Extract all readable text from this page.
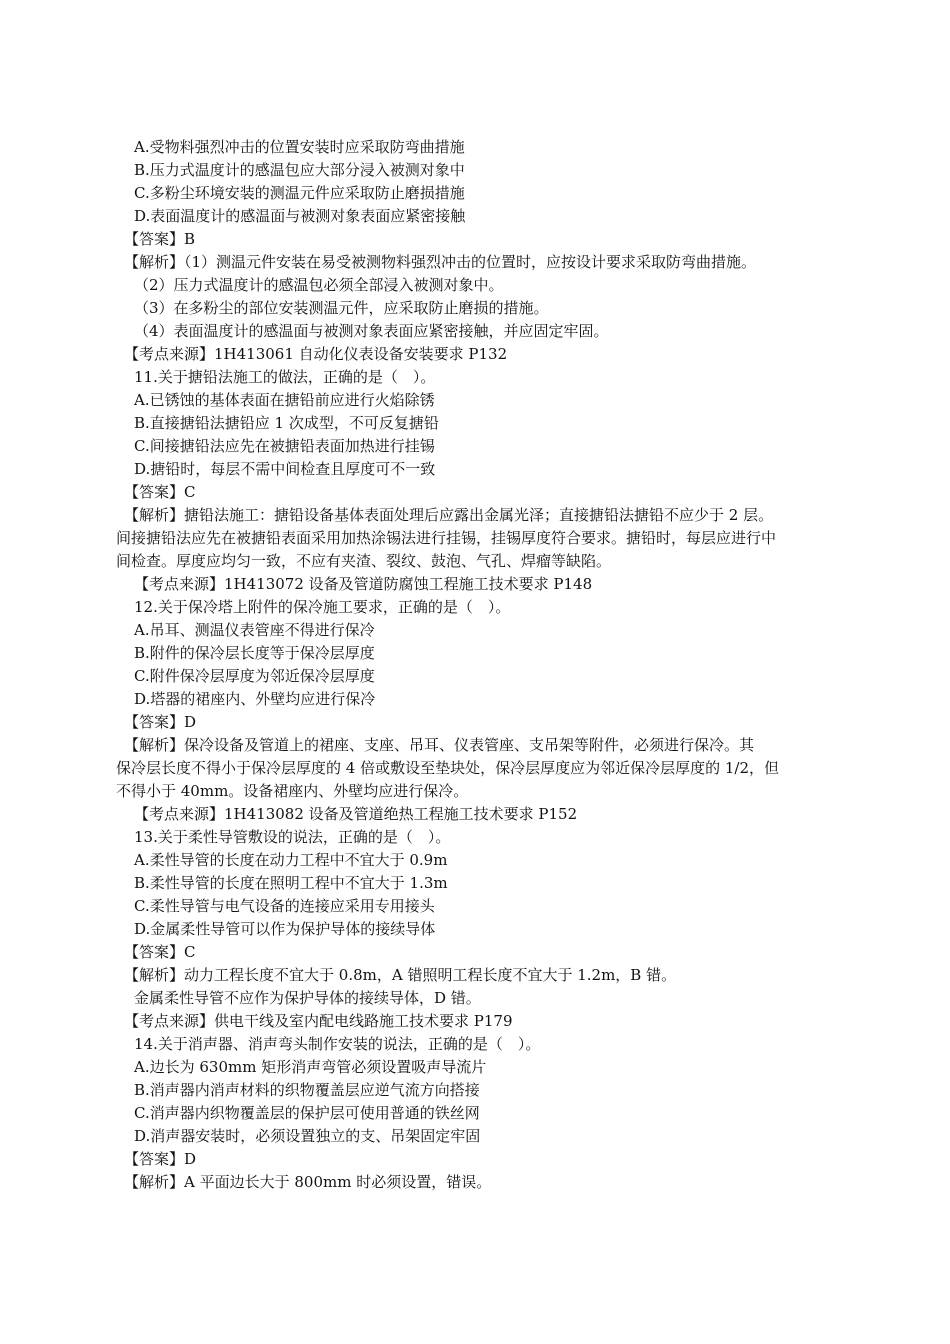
A.受物料强烈冲击的位置安装时应采取防弯曲措施
B.压力式温度计的感温包应大部分浸入被测对象中
C.多粉尘环境安装的测温元件应采取防止磨损措施
D.表面温度计的感温面与被测对象表面应紧密接触
【答案】B
【解析】（1）测温元件安装在易受被测物料强烈冲击的位置时，应按设计要求采取防弯曲措施。
（2）压力式温度计的感温包必须全部浸入被测对象中。
（3）在多粉尘的部位安装测温元件，应采取防止磨损的措施。
（4）表面温度计的感温面与被测对象表面应紧密接触，并应固定牢固。
【考点来源】1H413061 自动化仪表设备安装要求 P132
11.关于搪铅法施工的做法，正确的是（　）。
A.已锈蚀的基体表面在搪铅前应进行火焰除锈
B.直接搪铅法搪铅应 1 次成型，不可反复搪铅
C.间接搪铅法应先在被搪铅表面加热进行挂锡
D.搪铅时，每层不需中间检查且厚度可不一致
【答案】C
【解析】搪铅法施工：搪铅设备基体表面处理后应露出金属光泽；直接搪铅法搪铅不应少于 2 层。
间接搪铅法应先在被搪铅表面采用加热涂锡法进行挂锡，挂锡厚度符合要求。搪铅时，每层应进行中
间检查。厚度应均匀一致，不应有夹渣、裂纹、鼓泡、气孔、焊瘤等缺陷。
【考点来源】1H413072 设备及管道防腐蚀工程施工技术要求 P148
12.关于保冷塔上附件的保冷施工要求，正确的是（　）。
A.吊耳、测温仪表管座不得进行保冷
B.附件的保冷层长度等于保冷层厚度
C.附件保冷层厚度为邻近保冷层厚度
D.塔器的裙座内、外壁均应进行保冷
【答案】D
【解析】保冷设备及管道上的裙座、支座、吊耳、仪表管座、支吊架等附件，必须进行保冷。其
保冷层长度不得小于保冷层厚度的 4 倍或敷设至垫块处，保冷层厚度应为邻近保冷层厚度的 1/2，但
不得小于 40mm。设备裙座内、外壁均应进行保冷。
【考点来源】1H413082 设备及管道绝热工程施工技术要求 P152
13.关于柔性导管敷设的说法，正确的是（　）。
A.柔性导管的长度在动力工程中不宜大于 0.9m
B.柔性导管的长度在照明工程中不宜大于 1.3m
C.柔性导管与电气设备的连接应采用专用接头
D.金属柔性导管可以作为保护导体的接续导体
【答案】C
【解析】动力工程长度不宜大于 0.8m，A 错照明工程长度不宜大于 1.2m，B 错。
金属柔性导管不应作为保护导体的接续导体，D 错。
【考点来源】供电干线及室内配电线路施工技术要求 P179
14.关于消声器、消声弯头制作安装的说法，正确的是（　）。
A.边长为 630mm 矩形消声弯管必须设置吸声导流片
B.消声器内消声材料的织物覆盖层应逆气流方向搭接
C.消声器内织物覆盖层的保护层可使用普通的铁丝网
D.消声器安装时，必须设置独立的支、吊架固定牢固
【答案】D
【解析】A 平面边长大于 800mm 时必须设置，错误。
